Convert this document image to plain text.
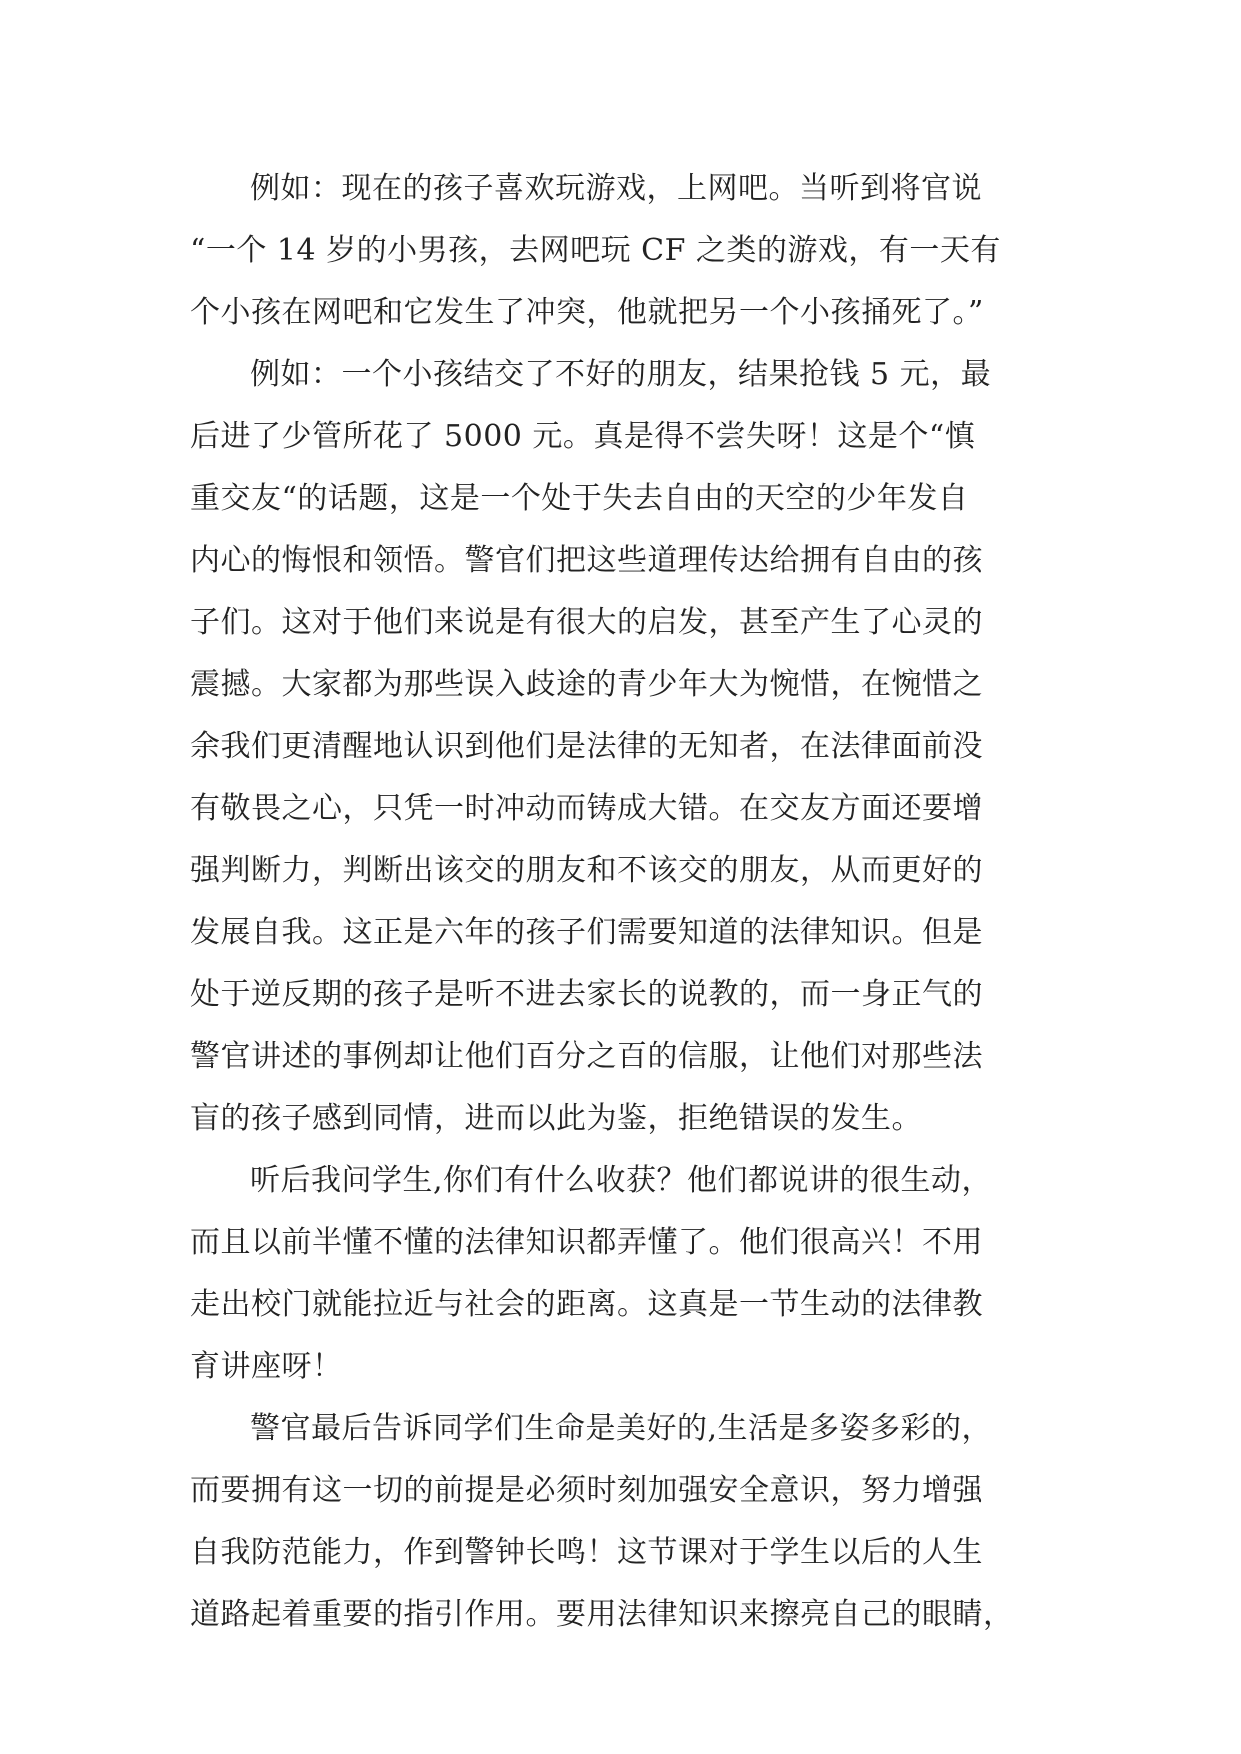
例如：现在的孩子喜欢玩游戏，上网吧。当听到将官说
“一个 14 岁的小男孩，去网吧玩 CF 之类的游戏，有一天有
个小孩在网吧和它发生了冲突，他就把另一个小孩捅死了。”
例如：一个小孩结交了不好的朋友，结果抢钱 5 元，最
后进了少管所花了 5000 元。真是得不尝失呀！这是个“慎
重交友“的话题，这是一个处于失去自由的天空的少年发自
内心的悔恨和领悟。警官们把这些道理传达给拥有自由的孩
子们。这对于他们来说是有很大的启发，甚至产生了心灵的
震撼。大家都为那些误入歧途的青少年大为惋惜，在惋惜之
余我们更清醒地认识到他们是法律的无知者，在法律面前没
有敬畏之心，只凭一时冲动而铸成大错。在交友方面还要增
强判断力，判断出该交的朋友和不该交的朋友，从而更好的
发展自我。这正是六年的孩子们需要知道的法律知识。但是
处于逆反期的孩子是听不进去家长的说教的，而一身正气的
警官讲述的事例却让他们百分之百的信服，让他们对那些法
盲的孩子感到同情，进而以此为鉴，拒绝错误的发生。
听后我问学生,你们有什么收获？他们都说讲的很生动，
而且以前半懂不懂的法律知识都弄懂了。他们很高兴！不用
走出校门就能拉近与社会的距离。这真是一节生动的法律教
育讲座呀！
警官最后告诉同学们生命是美好的,生活是多姿多彩的，
而要拥有这一切的前提是必须时刻加强安全意识，努力增强
自我防范能力，作到警钟长鸣！这节课对于学生以后的人生
道路起着重要的指引作用。要用法律知识来擦亮自己的眼睛，
